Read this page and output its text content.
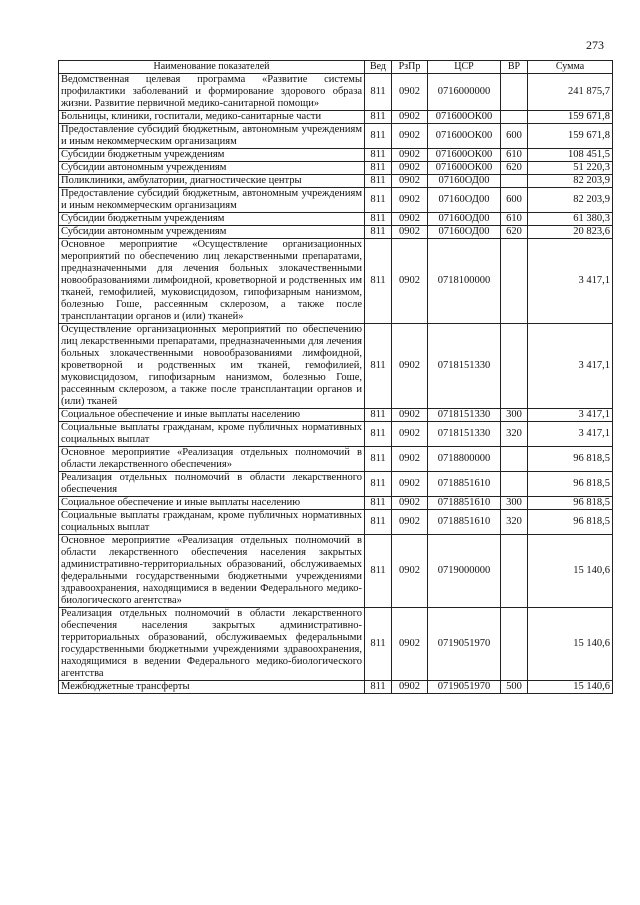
273
Наименование показателей	Вед	РзПр	ЦСР	ВР	Сумма
Ведомственная целевая программа «Развитие системы профилактики заболеваний и формирование здорового образа жизни. Развитие первичной медико-санитарной помощи»	811	0902	0716000000		241 875,7
Больницы, клиники, госпитали, медико-санитарные части	811	0902	071600ОК00		159 671,8
Предоставление субсидий бюджетным, автономным учреждениям и иным некоммерческим организациям	811	0902	071600ОК00	600	159 671,8
Субсидии бюджетным учреждениям	811	0902	071600ОК00	610	108 451,5
Субсидии автономным учреждениям	811	0902	071600ОК00	620	51 220,3
Поликлиники, амбулатории, диагностические центры	811	0902	07160ОД00		82 203,9
Предоставление субсидий бюджетным, автономным учреждениям и иным некоммерческим организациям	811	0902	07160ОД00	600	82 203,9
Субсидии бюджетным учреждениям	811	0902	07160ОД00	610	61 380,3
Субсидии автономным учреждениям	811	0902	07160ОД00	620	20 823,6
Основное мероприятие «Осуществление организационных мероприятий по обеспечению лиц лекарственными препаратами, предназначенными для лечения больных злокачественными новообразованиями лимфоидной, кроветворной и родственных им тканей, гемофилией, муковисцидозом, гипофизарным нанизмом, болезнью Гоше, рассеянным склерозом, а также после трансплантации органов и (или) тканей»	811	0902	0718100000		3 417,1
Осуществление организационных мероприятий по обеспечению лиц лекарственными препаратами, предназначенными для лечения больных злокачественными новообразованиями лимфоидной, кроветворной и родственных им тканей, гемофилией, муковисцидозом, гипофизарным нанизмом, болезнью Гоше, рассеянным склерозом, а также после трансплантации органов и (или) тканей	811	0902	0718151330		3 417,1
Социальное обеспечение и иные выплаты населению	811	0902	0718151330	300	3 417,1
Социальные выплаты гражданам, кроме публичных нормативных социальных выплат	811	0902	0718151330	320	3 417,1
Основное мероприятие «Реализация отдельных полномочий в области лекарственного обеспечения»	811	0902	0718800000		96 818,5
Реализация отдельных полномочий в области лекарственного обеспечения	811	0902	0718851610		96 818,5
Социальное обеспечение и иные выплаты населению	811	0902	0718851610	300	96 818,5
Социальные выплаты гражданам, кроме публичных нормативных социальных выплат	811	0902	0718851610	320	96 818,5
Основное мероприятие «Реализация отдельных полномочий в области лекарственного обеспечения населения закрытых административно-территориальных образований, обслуживаемых федеральными государственными бюджетными учреждениями здравоохранения, находящимися в ведении Федерального медико-биологического агентства»	811	0902	0719000000		15 140,6
Реализация отдельных полномочий в области лекарственного обеспечения населения закрытых административно-территориальных образований, обслуживаемых федеральными государственными бюджетными учреждениями здравоохранения, находящимися в ведении Федерального медико-биологического агентства	811	0902	0719051970		15 140,6
Межбюджетные трансферты	811	0902	0719051970	500	15 140,6
